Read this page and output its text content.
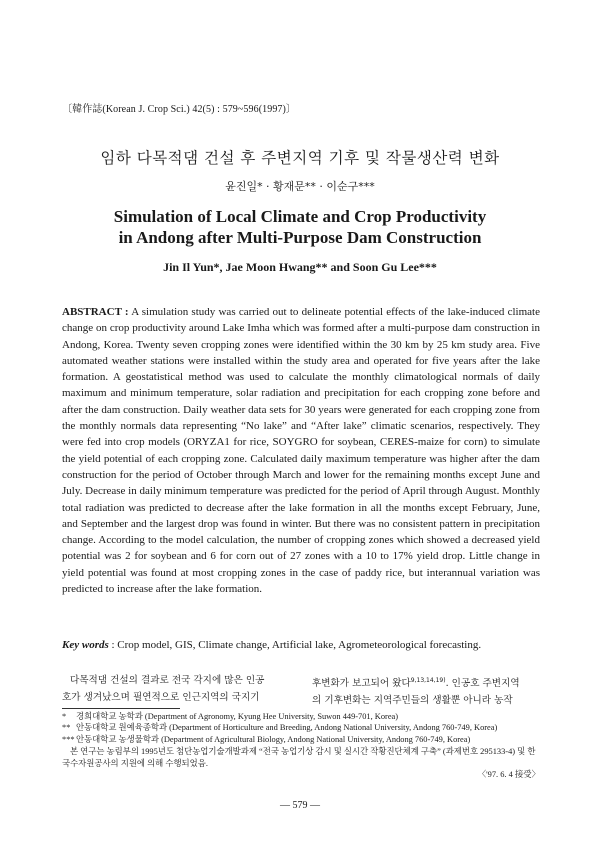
〔韓作誌(Korean J. Crop Sci.) 42(5) : 579~596(1997)〕
임하 다목적댐 건설 후 주변지역 기후 및 작물생산력 변화
윤진일* · 황재문** · 이순구***
Simulation of Local Climate and Crop Productivity
in Andong after Multi-Purpose Dam Construction
Jin Il Yun*, Jae Moon Hwang** and Soon Gu Lee***
ABSTRACT : A simulation study was carried out to delineate potential effects of the lake-induced climate change on crop productivity around Lake Imha which was formed after a multi-purpose dam construction in Andong, Korea. Twenty seven cropping zones were identified within the 30 km by 25 km study area. Five automated weather stations were installed within the study area and operated for five years after the lake formation. A geostatistical method was used to calculate the monthly climatological normals of daily maximum and minimum temperature, solar radiation and precipitation for each cropping zone before and after the dam construction. Daily weather data sets for 30 years were generated for each cropping zone from the monthly normals data representing “No lake” and “After lake” climatic scenarios, respectively. They were fed into crop models (ORYZA1 for rice, SOYGRO for soybean, CERES-maize for corn) to simulate the yield potential of each cropping zone. Calculated daily maximum temperature was higher after the dam construction for the period of October through March and lower for the remaining months except June and July. Decrease in daily minimum temperature was predicted for the period of April through August. Monthly total radiation was predicted to decrease after the lake formation in all the months except February, June, and September and the largest drop was found in winter. But there was no consistent pattern in precipitation change. According to the model calculation, the number of cropping zones which showed a decreased yield potential was 2 for soybean and 6 for corn out of 27 zones with a 10 to 17% yield drop. Little change in yield potential was found at most cropping zones in the case of paddy rice, but interannual variation was predicted to increase after the lake formation.
Key words : Crop model, GIS, Climate change, Artificial lake, Agrometeorological forecasting.
다목적댐 건설의 결과로 전국 각지에 많은 인공
호가 생겨났으며 필연적으로 인근지역의 국지기
후변화가 보고되어 왔다$^{9,13,14,19)}$. 인공호 주변지역
의 기후변화는 지역주민들의 생활뿐 아니라 농작
*	경희대학교 농학과 (Department of Agronomy, Kyung Hee University, Suwon 449-701, Korea)
** 안동대학교 원예육종학과 (Department of Horticulture and Breeding, Andong National University, Andong 760-749, Korea)
*** 안동대학교 농생물학과 (Department of Agricultural Biology, Andong National University, Andong 760-749, Korea)
본 연구는 농림부의 1995년도 첨단농업기술개발과제 “전국 농업기상 감시 및 실시간 작황진단체계 구축” (과제번호 295133-4) 및 한국수자원공사의 지원에 의해 수행되었음.
〈'97. 6. 4 接受〉
— 579 —
